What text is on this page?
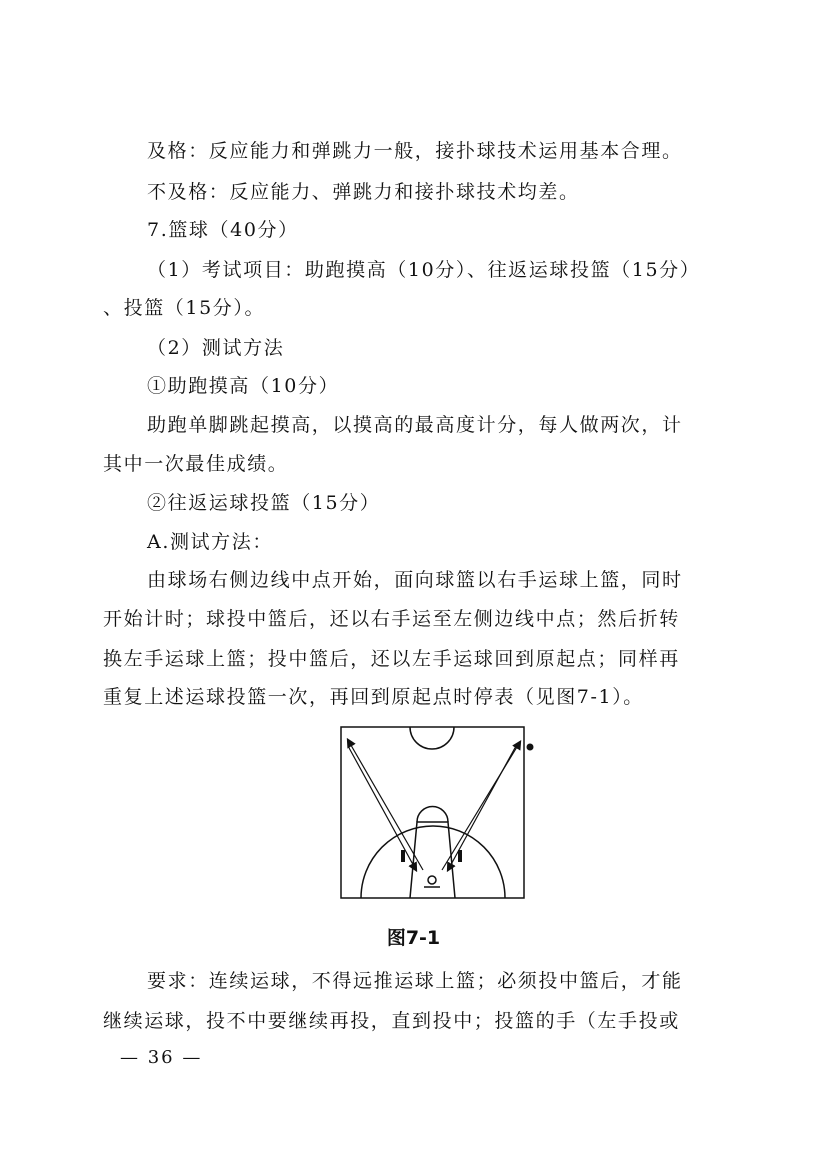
及格：反应能力和弹跳力一般，接扑球技术运用基本合理。
不及格：反应能力、弹跳力和接扑球技术均差。
7.篮球（40分）
（1）考试项目：助跑摸高（10分）、往返运球投篮（15分）
、投篮（15分）。
（2）测试方法
①助跑摸高（10分）
助跑单脚跳起摸高，以摸高的最高度计分，每人做两次，计
其中一次最佳成绩。
②往返运球投篮（15分）
A.测试方法：
由球场右侧边线中点开始，面向球篮以右手运球上篮，同时
开始计时；球投中篮后，还以右手运至左侧边线中点；然后折转
换左手运球上篮；投中篮后，还以左手运球回到原起点；同样再
重复上述运球投篮一次，再回到原起点时停表（见图7-1）。
图7-1
要求：连续运球，不得远推运球上篮；必须投中篮后，才能
继续运球，投不中要继续再投，直到投中；投篮的手（左手投或
— 36 —
